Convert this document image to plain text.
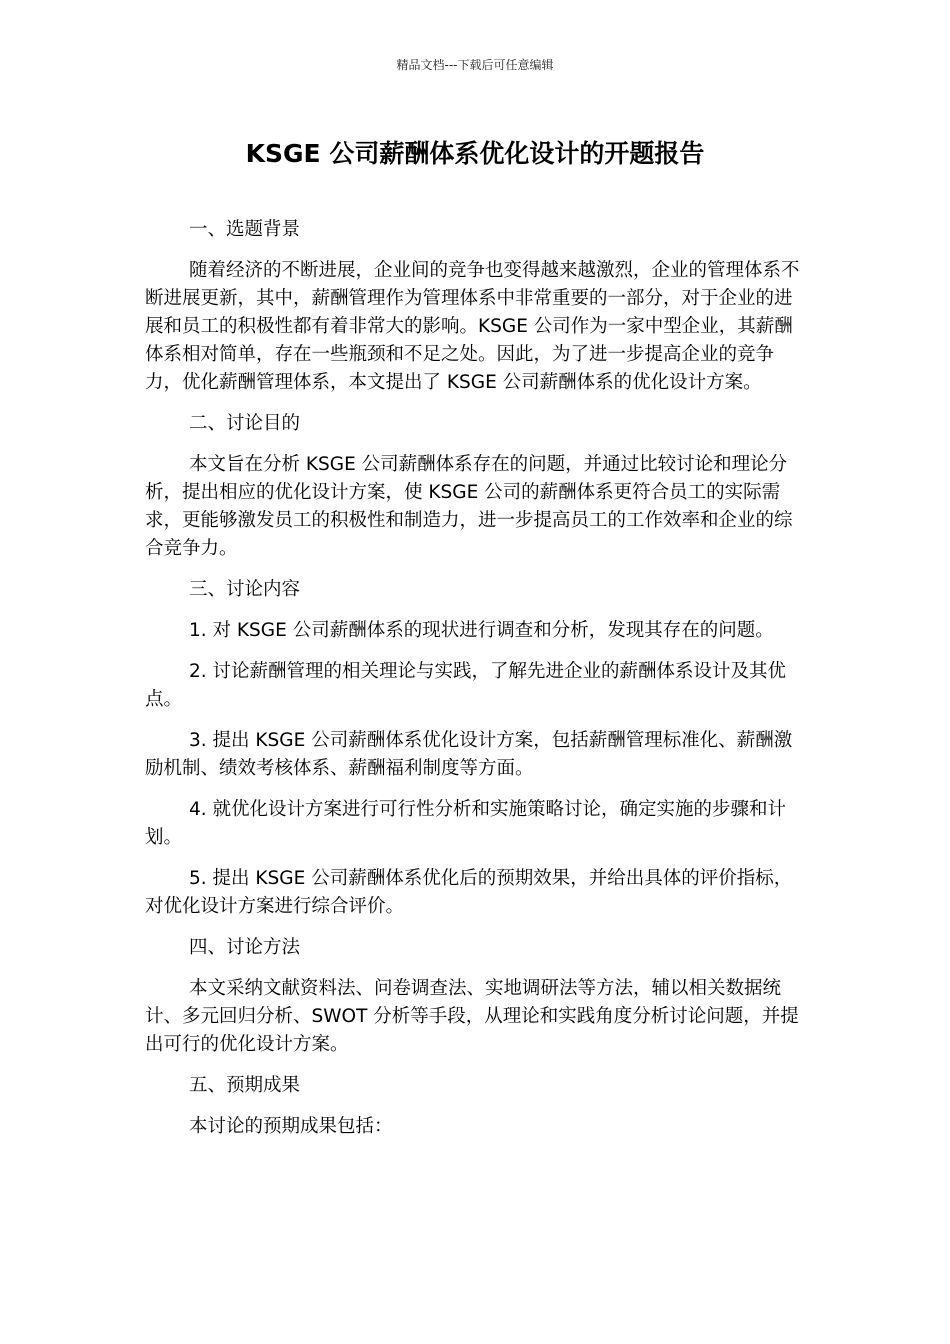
精品文档---下载后可任意编辑
KSGE 公司薪酬体系优化设计的开题报告

一、选题背景

随着经济的不断进展，企业间的竞争也变得越来越激烈，企业的管理体系不断进展更新，其中，薪酬管理作为管理体系中非常重要的一部分，对于企业的进展和员工的积极性都有着非常大的影响。KSGE 公司作为一家中型企业，其薪酬体系相对简单，存在一些瓶颈和不足之处。因此，为了进一步提高企业的竞争力，优化薪酬管理体系，本文提出了 KSGE 公司薪酬体系的优化设计方案。

二、讨论目的

本文旨在分析 KSGE 公司薪酬体系存在的问题，并通过比较讨论和理论分析，提出相应的优化设计方案，使 KSGE 公司的薪酬体系更符合员工的实际需求，更能够激发员工的积极性和制造力，进一步提高员工的工作效率和企业的综合竞争力。

三、讨论内容

1. 对 KSGE 公司薪酬体系的现状进行调查和分析，发现其存在的问题。

2. 讨论薪酬管理的相关理论与实践，了解先进企业的薪酬体系设计及其优点。

3. 提出 KSGE 公司薪酬体系优化设计方案，包括薪酬管理标准化、薪酬激励机制、绩效考核体系、薪酬福利制度等方面。

4. 就优化设计方案进行可行性分析和实施策略讨论，确定实施的步骤和计划。

5. 提出 KSGE 公司薪酬体系优化后的预期效果，并给出具体的评价指标，对优化设计方案进行综合评价。

四、讨论方法

本文采纳文献资料法、问卷调查法、实地调研法等方法，辅以相关数据统计、多元回归分析、SWOT 分析等手段，从理论和实践角度分析讨论问题，并提出可行的优化设计方案。

五、预期成果

本讨论的预期成果包括：
